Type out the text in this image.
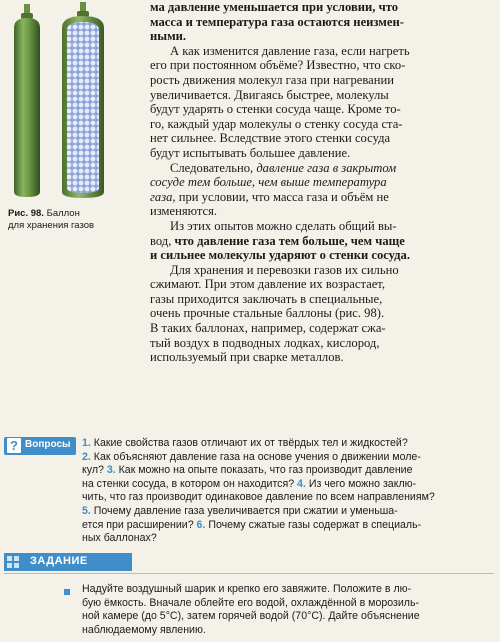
Рис. 98. Баллон
для хранения газов
ма давление уменьшается при условии, что
масса и температура газа остаются неизмен-
ными.
А как изменится давление газа, если нагреть
его при постоянном объёме? Известно, что ско-
рость движения молекул газа при нагревании
увеличивается. Двигаясь быстрее, молекулы
будут ударять о стенки сосуда чаще. Кроме то-
го, каждый удар молекулы о стенку сосуда ста-
нет сильнее. Вследствие этого стенки сосуда
будут испытывать большее давление.
Следовательно, давление газа в закрытом
сосуде тем больше, чем выше температура
газа, при условии, что масса газа и объём не
изменяются.
Из этих опытов можно сделать общий вы-
вод, что давление газа тем больше, чем чаще
и сильнее молекулы ударяют о стенки сосуда.
Для хранения и перевозки газов их сильно
сжимают. При этом давление их возрастает,
газы приходится заключать в специальные,
очень прочные стальные баллоны (рис. 98).
В таких баллонах, например, содержат сжа-
тый воздух в подводных лодках, кислород,
используемый при сварке металлов.
? Вопросы 1. Какие свойства газов отличают их от твёрдых тел и жидкостей?
2. Как объясняют давление газа на основе учения о движении моле-
кул? 3. Как можно на опыте показать, что газ производит давление
на стенки сосуда, в котором он находится? 4. Из чего можно заклю-
чить, что газ производит одинаковое давление по всем направлениям?
5. Почему давление газа увеличивается при сжатии и уменьша-
ется при расширении? 6. Почему сжатые газы содержат в специаль-
ных баллонах?
ЗАДАНИЕ
Надуйте воздушный шарик и крепко его завяжите. Положите в лю-
бую ёмкость. Вначале облейте его водой, охлаждённой в морозиль-
ной камере (до 5°С), затем горячей водой (70°С). Дайте объяснение
наблюдаемому явлению.
